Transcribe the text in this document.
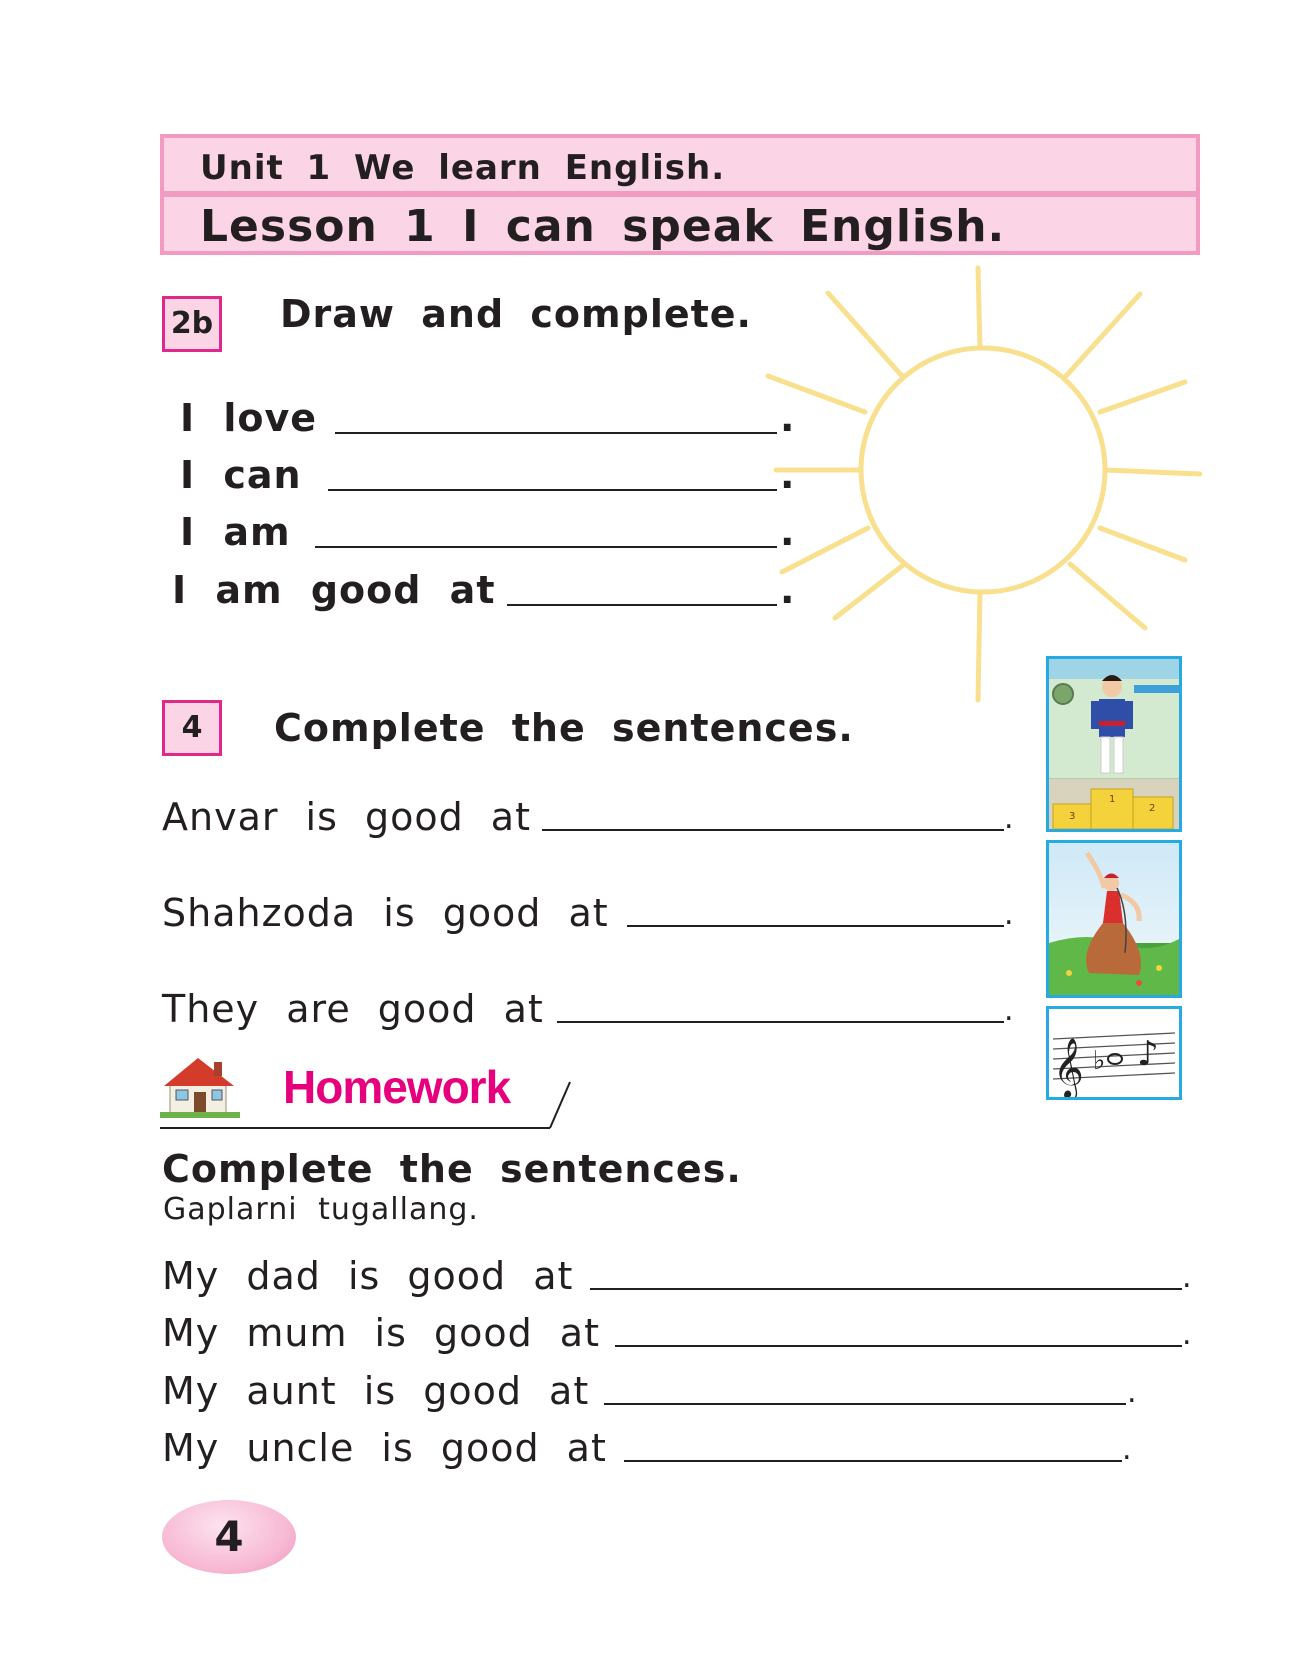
Unit 1 We learn English.
Lesson 1 I can speak English.
2b Draw and complete.
I love	.
I can	.
I am	.
I am good at	.
4	Complete the sentences.
Anvar is good at	.
Shahzoda is good at	.
They are good at	.
1
3
2
𝄞 ♭ ♪
Homework
Complete the sentences.
Gaplarni tugallang.
My dad is good at	.
My mum is good at	.
My aunt is good at	.
My uncle is good at	.
4
